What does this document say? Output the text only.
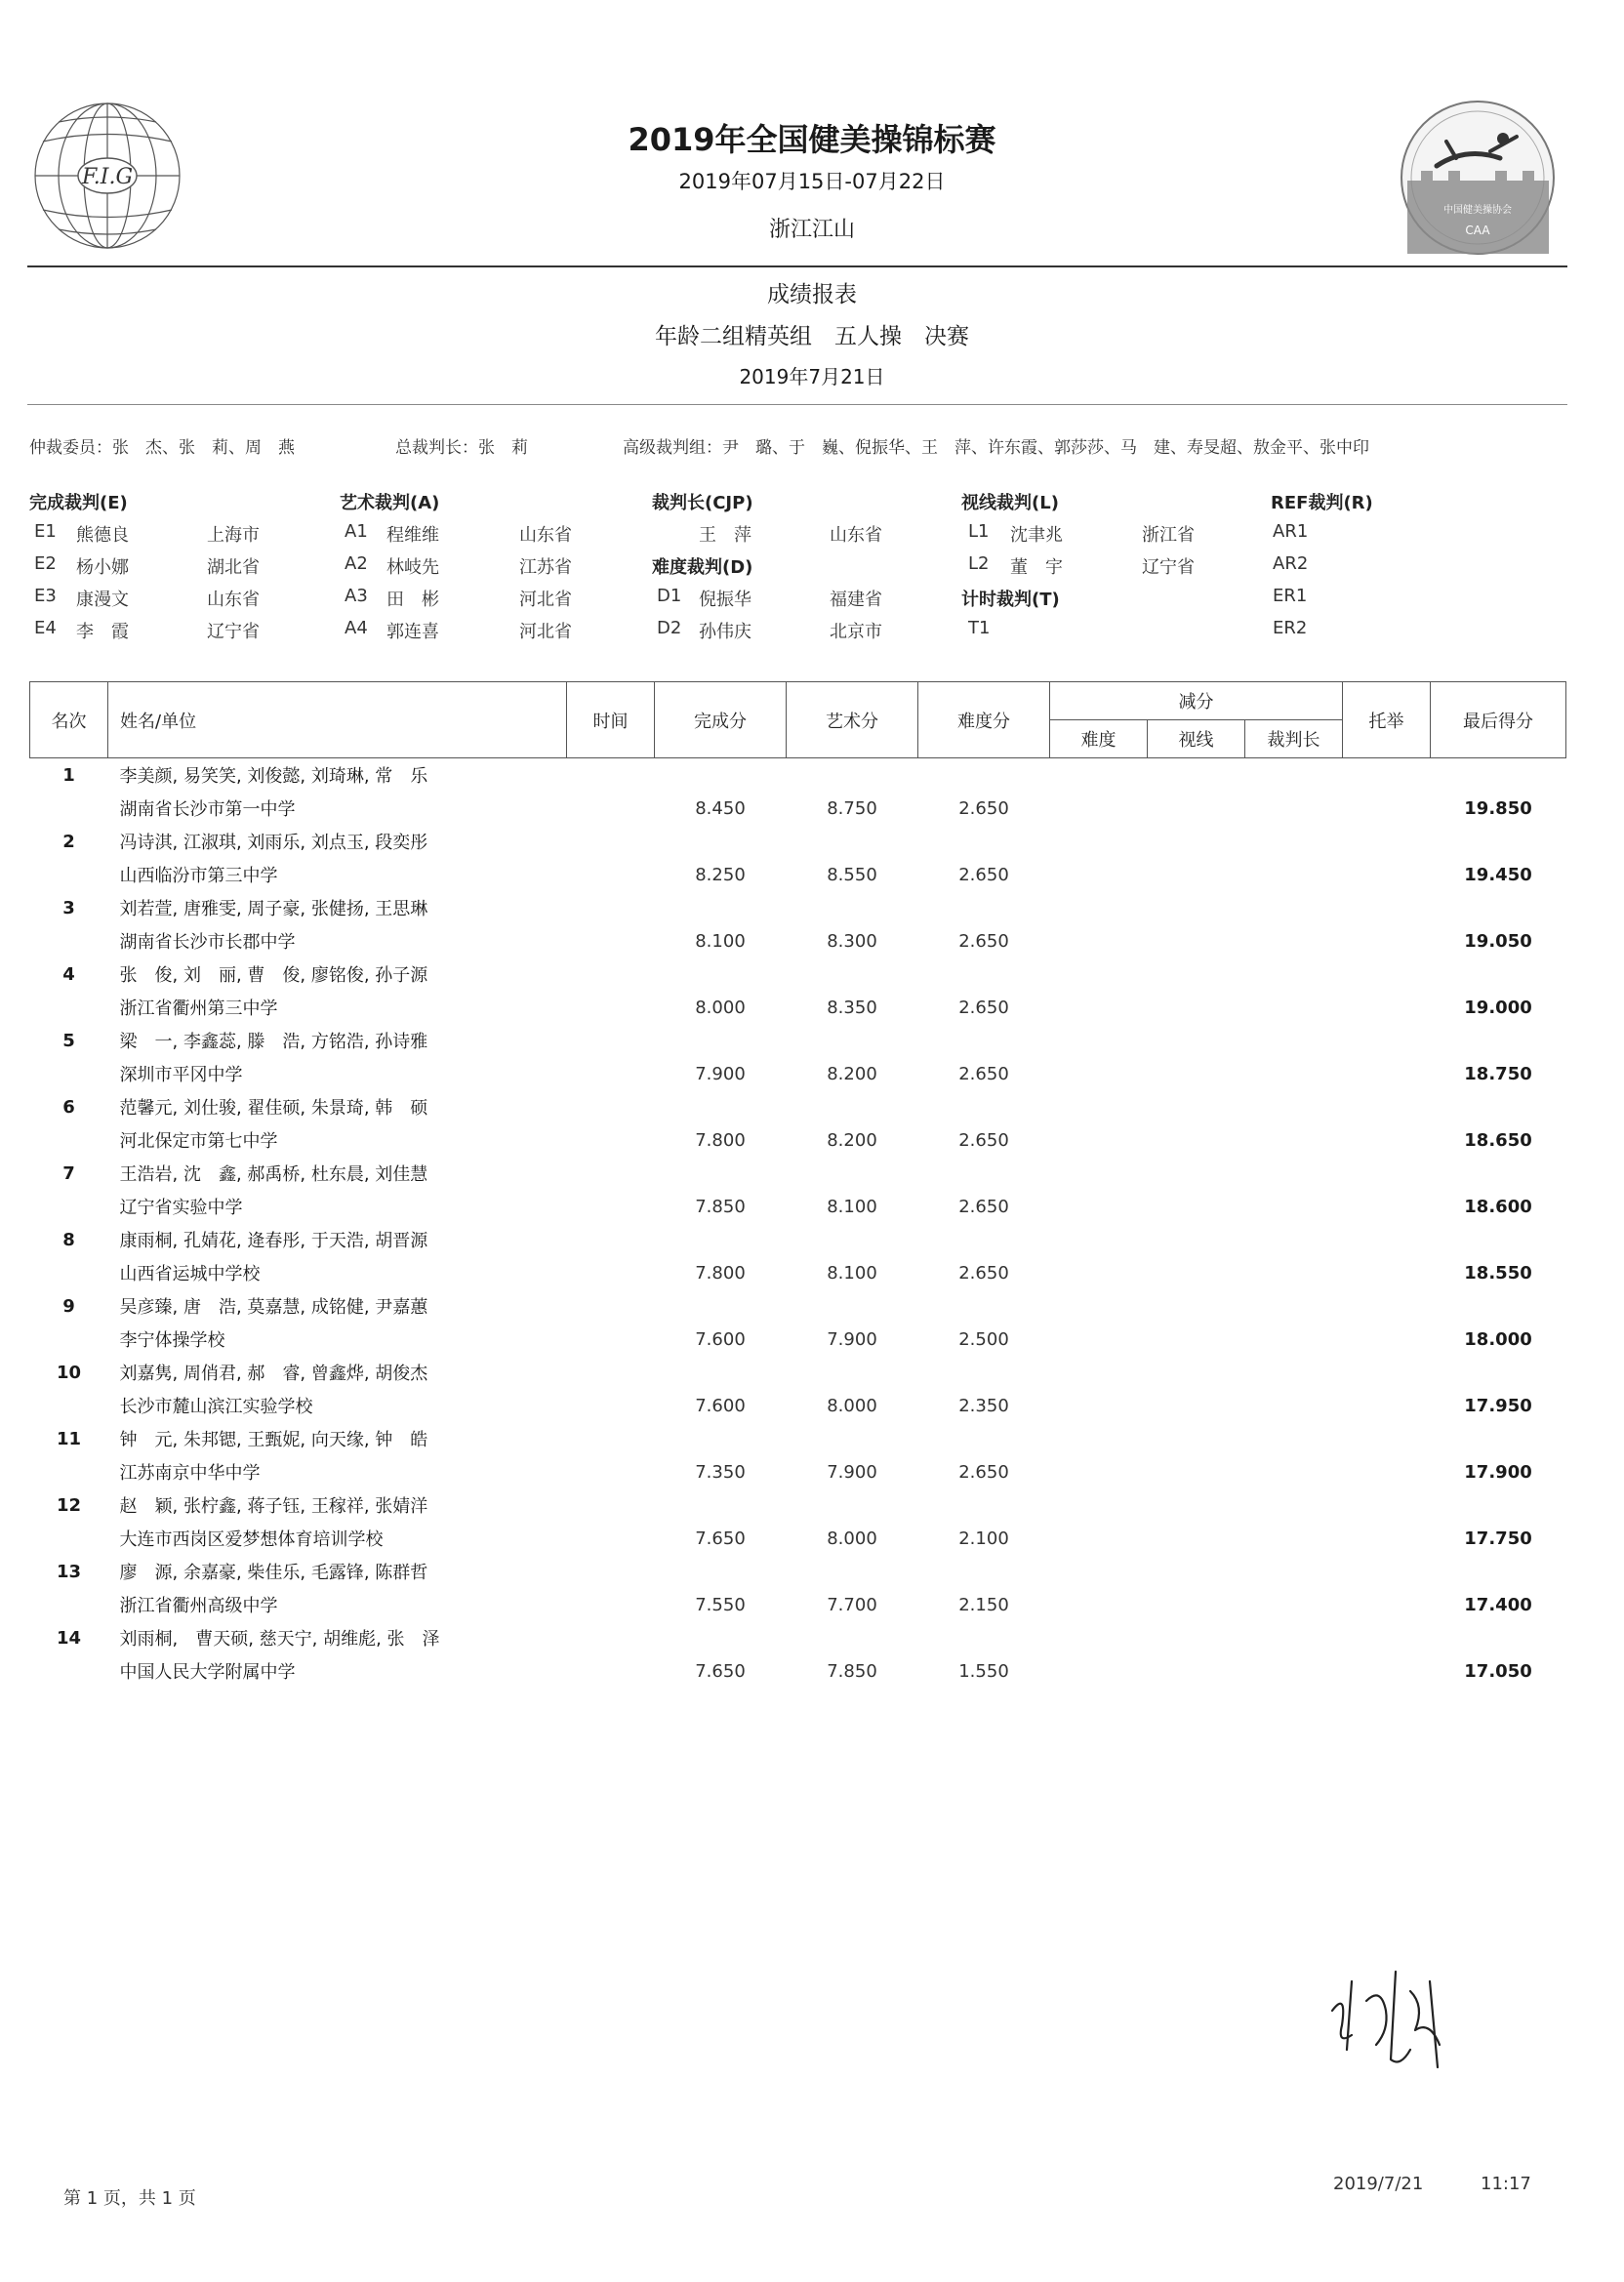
F.I.G
中国健美操协会
CAA
2019年全国健美操锦标赛
2019年07月15日-07月22日
浙江江山
成绩报表
年龄二组精英组　五人操　决赛
2019年7月21日
仲裁委员：张　杰、张　莉、周　燕	总裁判长：张　莉	高级裁判组：尹　璐、于　巍、倪振华、王　萍、许东霞、郭莎莎、马　建、寿旻超、敖金平、张中印
完成裁判(E)
E1 熊德良	上海市
E2 杨小娜	湖北省
E3 康漫文	山东省
E4 李　霞	辽宁省
艺术裁判(A)
A1 程维维	山东省
A2 林岐先	江苏省
A3 田　彬	河北省
A4 郭连喜	河北省
裁判长(CJP)
王　萍	山东省
难度裁判(D)
D1 倪振华	福建省
D2 孙伟庆	北京市
视线裁判(L)
L1 沈聿兆	浙江省
L2 董　宇	辽宁省
计时裁判(T)
T1
REF裁判(R)
AR1
AR2
ER1
ER2
名次	姓名/单位	时间	完成分	艺术分	难度分	减分			托举	最后得分
						难度	视线	裁判长		
1	李美颜, 易笑笑, 刘俊懿, 刘琦琳, 常　乐									
	湖南省长沙市第一中学		8.450	8.750	2.650					19.850
2	冯诗淇, 江淑琪, 刘雨乐, 刘点玉, 段奕彤									
	山西临汾市第三中学		8.250	8.550	2.650					19.450
3	刘若萱, 唐雅雯, 周子豪, 张健扬, 王思琳									
	湖南省长沙市长郡中学		8.100	8.300	2.650					19.050
4	张　俊, 刘　丽, 曹　俊, 廖铭俊, 孙子源									
	浙江省衢州第三中学		8.000	8.350	2.650					19.000
5	梁　一, 李鑫蕊, 滕　浩, 方铭浩, 孙诗雅									
	深圳市平冈中学		7.900	8.200	2.650					18.750
6	范馨元, 刘仕骏, 翟佳硕, 朱景琦, 韩　硕									
	河北保定市第七中学		7.800	8.200	2.650					18.650
7	王浩岩, 沈　鑫, 郝禹桥, 杜东晨, 刘佳慧									
	辽宁省实验中学		7.850	8.100	2.650					18.600
8	康雨桐, 孔婧花, 逄春彤, 于天浩, 胡晋源									
	山西省运城中学校		7.800	8.100	2.650					18.550
9	吴彦臻, 唐　浩, 莫嘉慧, 成铭健, 尹嘉蕙									
	李宁体操学校		7.600	7.900	2.500					18.000
10	刘嘉隽, 周俏君, 郝　睿, 曾鑫烨, 胡俊杰									
	长沙市麓山滨江实验学校		7.600	8.000	2.350					17.950
11	钟　元, 朱邦锶, 王甄妮, 向天缘, 钟　皓									
	江苏南京中华中学		7.350	7.900	2.650					17.900
12	赵　颖, 张柠鑫, 蒋子钰, 王稼祥, 张婧洋									
	大连市西岗区爱梦想体育培训学校		7.650	8.000	2.100					17.750
13	廖　源, 余嘉豪, 柴佳乐, 毛露锋, 陈群哲									
	浙江省衢州高级中学		7.550	7.700	2.150					17.400
14	刘雨桐,　曹天硕, 慈天宁, 胡维彪, 张　泽									
	中国人民大学附属中学		7.650	7.850	1.550					17.050
第 1 页，共 1 页
2019/7/21	11:17
